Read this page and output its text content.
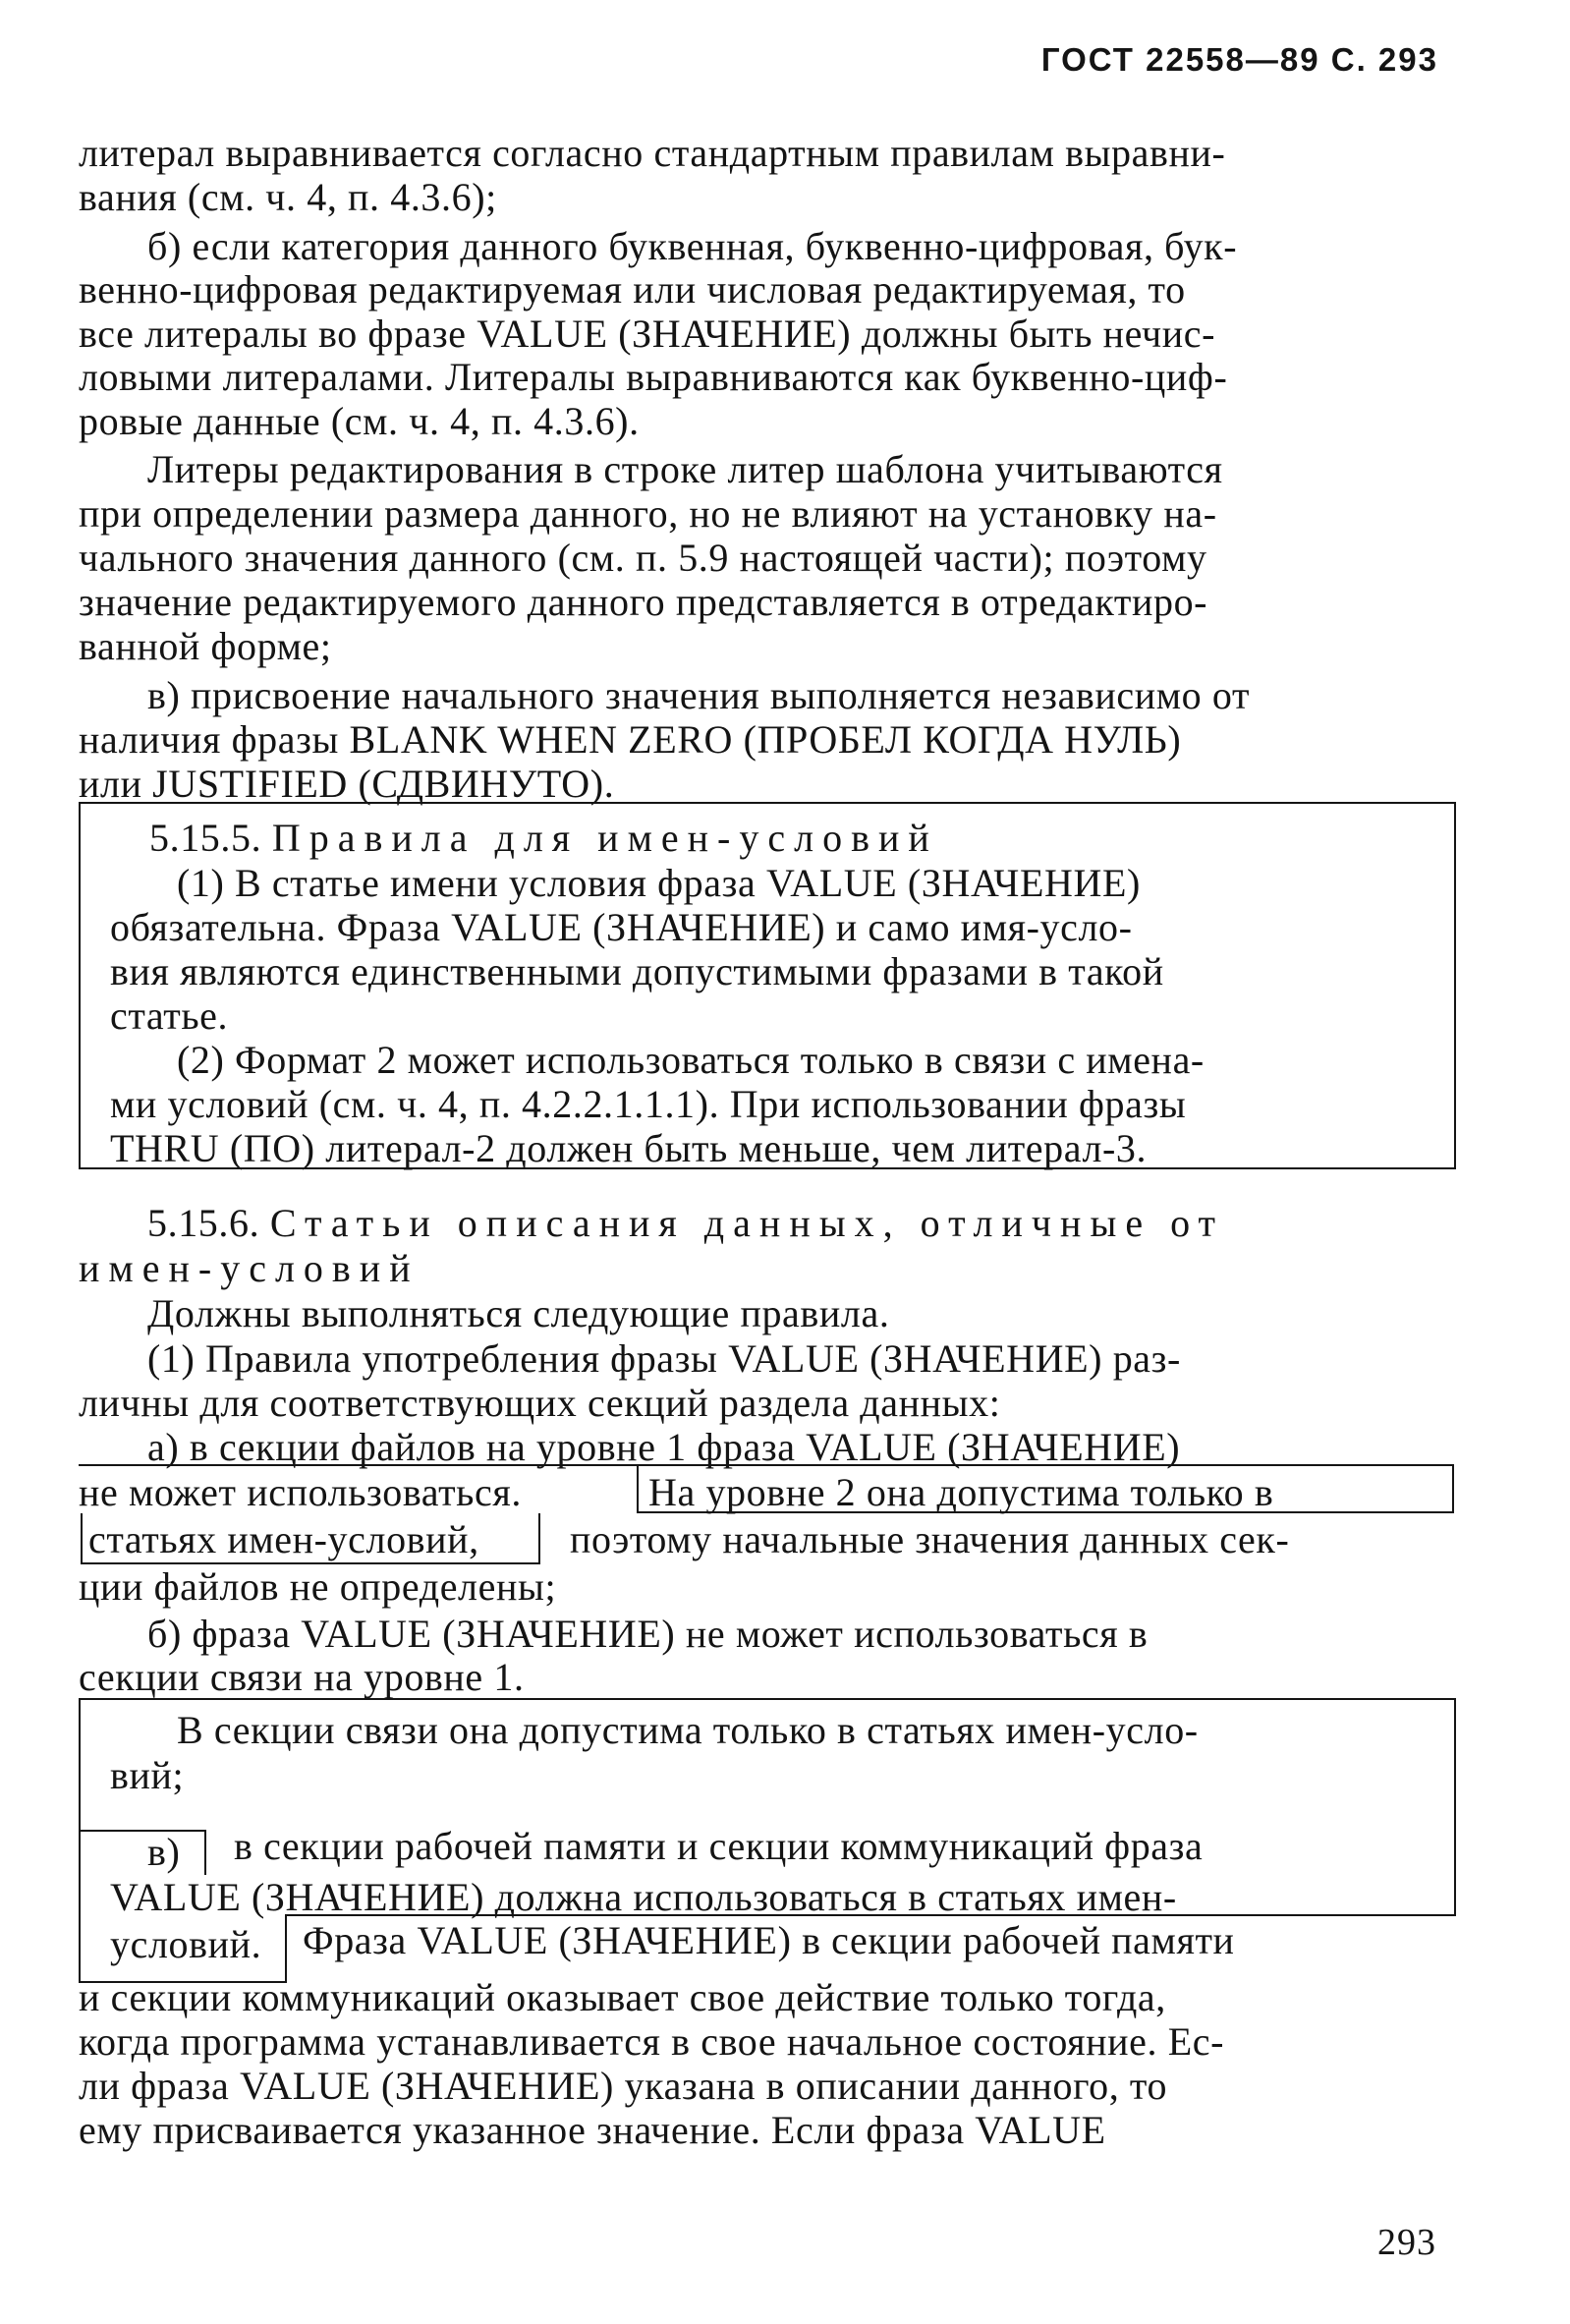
ГОСТ 22558—89 С. 293
литерал выравнивается согласно стандартным правилам выравни-
вания (см. ч. 4, п. 4.3.6);
б) если категория данного буквенная, буквенно-цифровая, бук-
венно-цифровая редактируемая или числовая редактируемая, то
все литералы во фразе VALUE (ЗНАЧЕНИЕ) должны быть нечис-
ловыми литералами. Литералы выравниваются как буквенно-циф-
ровые данные (см. ч. 4, п. 4.3.6).
Литеры редактирования в строке литер шаблона учитываются
при определении размера данного, но не влияют на установку на-
чального значения данного (см. п. 5.9 настоящей части); поэтому
значение редактируемого данного представляется в отредактиро-
ванной форме;
в) присвоение начального значения выполняется независимо от
наличия фразы BLANK WHEN ZERO (ПРОБЕЛ КОГДА НУЛЬ)
или JUSTIFIED (СДВИНУТО).
5.15.5. Правила для имен-условий
(1) В статье имени условия фраза VALUE (ЗНАЧЕНИЕ)
обязательна. Фраза VALUE (ЗНАЧЕНИЕ) и само имя-усло-
вия являются единственными допустимыми фразами в такой
статье.
(2) Формат 2 может использоваться только в связи с имена-
ми условий (см. ч. 4, п. 4.2.2.1.1.1). При использовании фразы
THRU (ПО) литерал-2 должен быть меньше, чем литерал-3.
5.15.6. Статьи описания данных, отличные от
имен-условий
Должны выполняться следующие правила.
(1) Правила употребления фразы VALUE (ЗНАЧЕНИЕ) раз-
личны для соответствующих секций раздела данных:
а) в секции файлов на уровне 1 фраза VALUE (ЗНАЧЕНИЕ)
не может использоваться.	На уровне 2 она допустима только в
статьях имен-условий, поэтому начальные значения данных сек-
ции файлов не определены;
б) фраза VALUE (ЗНАЧЕНИЕ) не может использоваться в
секции связи на уровне 1.
В секции связи она допустима только в статьях имен-усло-
вий;
в) в секции рабочей памяти и секции коммуникаций фраза
VALUE (ЗНАЧЕНИЕ) должна использоваться в статьях имен-
условий. Фраза VALUE (ЗНАЧЕНИЕ) в секции рабочей памяти
и секции коммуникаций оказывает свое действие только тогда,
когда программа устанавливается в свое начальное состояние. Ес-
ли фраза VALUE (ЗНАЧЕНИЕ) указана в описании данного, то
ему присваивается указанное значение. Если фраза VALUE
293
